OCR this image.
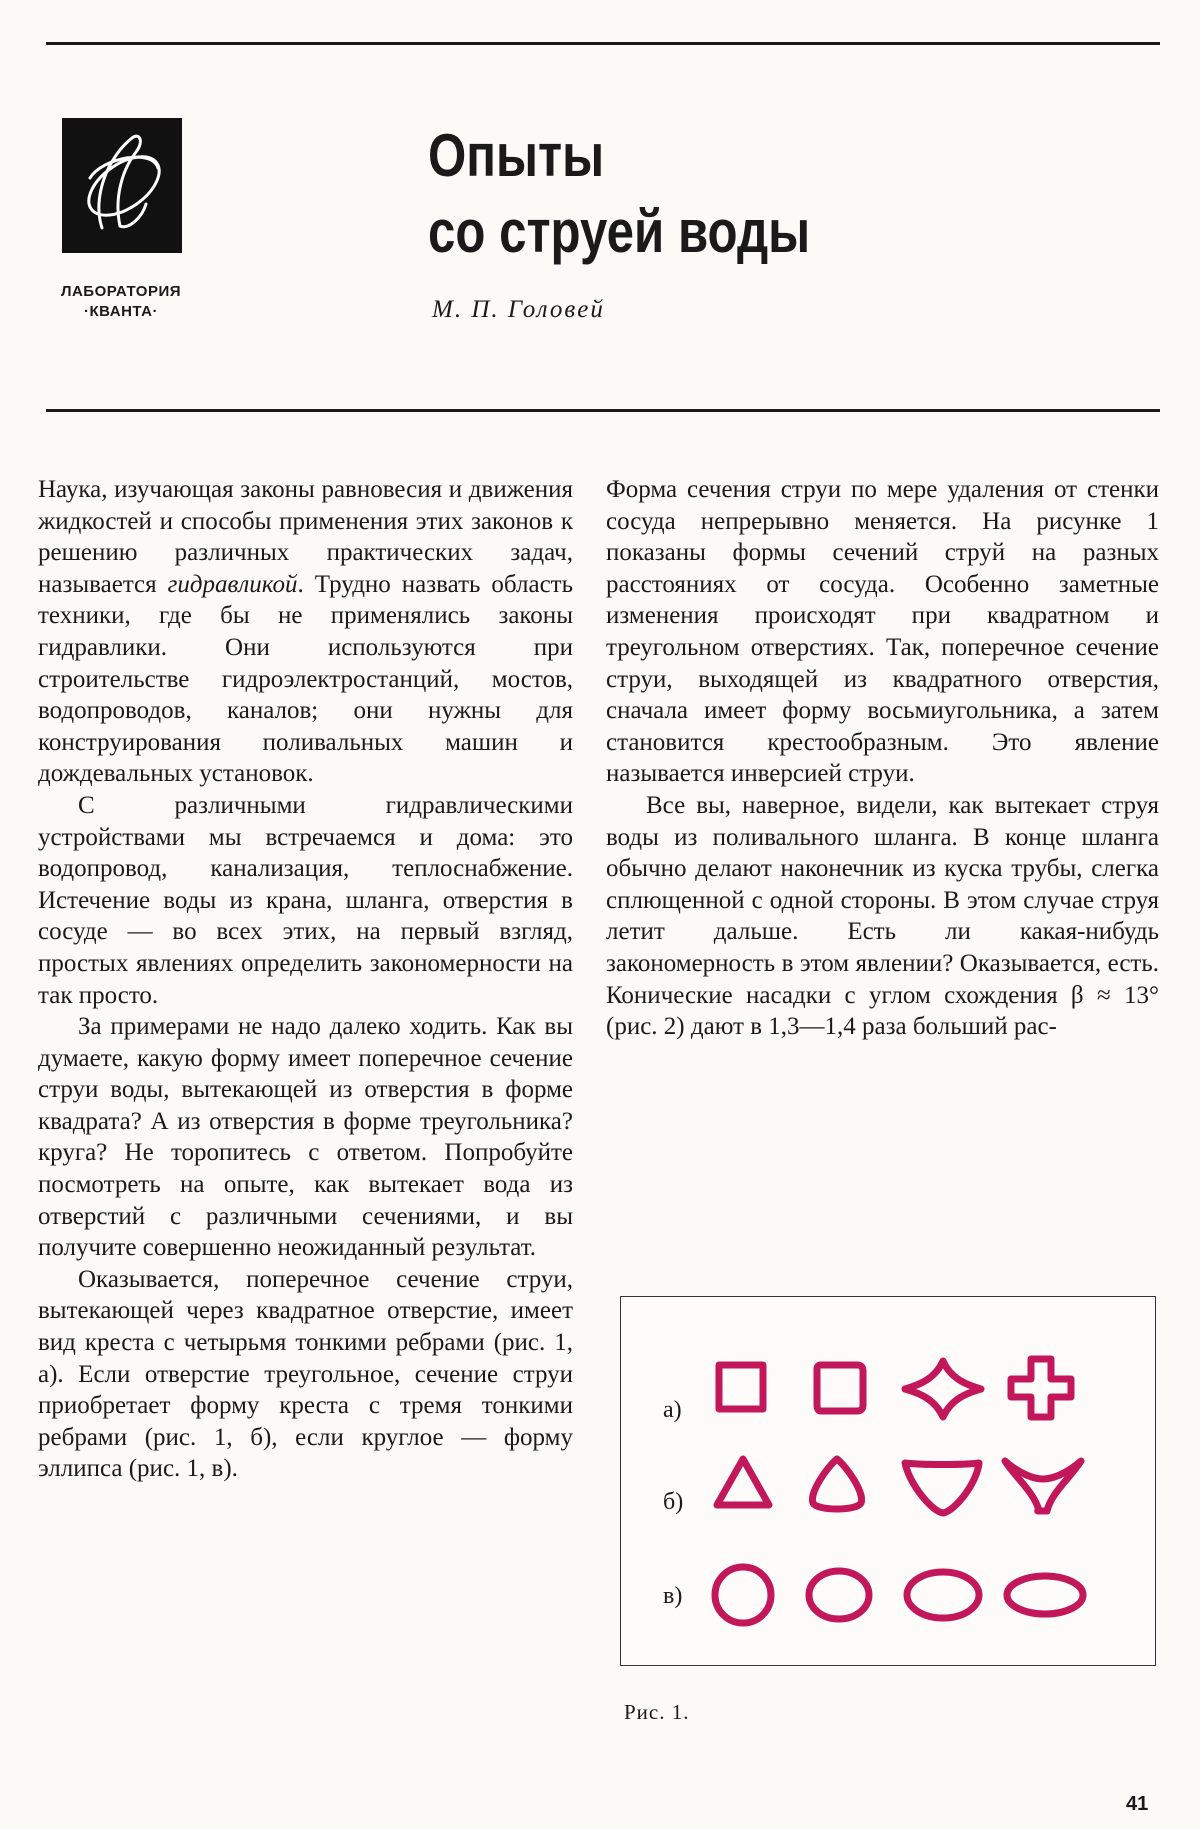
ЛАБОРАТОРИЯ
·КВАНТА·
Опыты
со струей воды
М. П. Головей

Наука, изучающая законы равновесия и движения жидкостей и способы применения этих законов к решению различных практических задач, называется гидравликой. Трудно назвать область техники, где бы не применялись законы гидравлики. Они используются при строительстве гидроэлектростанций, мостов, водопроводов, каналов; они нужны для конструирования поливальных машин и дождевальных установок.

С различными гидравлическими устройствами мы встречаемся и дома: это водопровод, канализация, теплоснабжение. Истечение воды из крана, шланга, отверстия в сосуде — во всех этих, на первый взгляд, простых явлениях определить закономерности на так просто.

За примерами не надо далеко ходить. Как вы думаете, какую форму имеет поперечное сечение струи воды, вытекающей из отверстия в форме квадрата? А из отверстия в форме треугольника? круга? Не торопитесь с ответом. Попробуйте посмотреть на опыте, как вытекает вода из отверстий с различными сечениями, и вы получите совершенно неожиданный результат.

Оказывается, поперечное сечение струи, вытекающей через квадратное отверстие, имеет вид креста с четырьмя тонкими ребрами (рис. 1, а). Если отверстие треугольное, сечение струи приобретает форму креста с тремя тонкими ребрами (рис. 1, б), если круглое — форму эллипса (рис. 1, в).

Форма сечения струи по мере удаления от стенки сосуда непрерывно меняется. На рисунке 1 показаны формы сечений струй на разных расстояниях от сосуда. Особенно заметные изменения происходят при квадратном и треугольном отверстиях. Так, поперечное сечение струи, выходящей из квадратного отверстия, сначала имеет форму восьмиугольника, а затем становится крестообразным. Это явление называется инверсией струи.

Все вы, наверное, видели, как вытекает струя воды из поливального шланга. В конце шланга обычно делают наконечник из куска трубы, слегка сплющенной с одной стороны. В этом случае струя летит дальше. Есть ли какая-нибудь закономерность в этом явлении? Оказывается, есть. Конические насадки с углом схождения β ≈ 13° (рис. 2) дают в 1,3—1,4 раза больший рас-

а)
б)
в)
Рис. 1.
41
